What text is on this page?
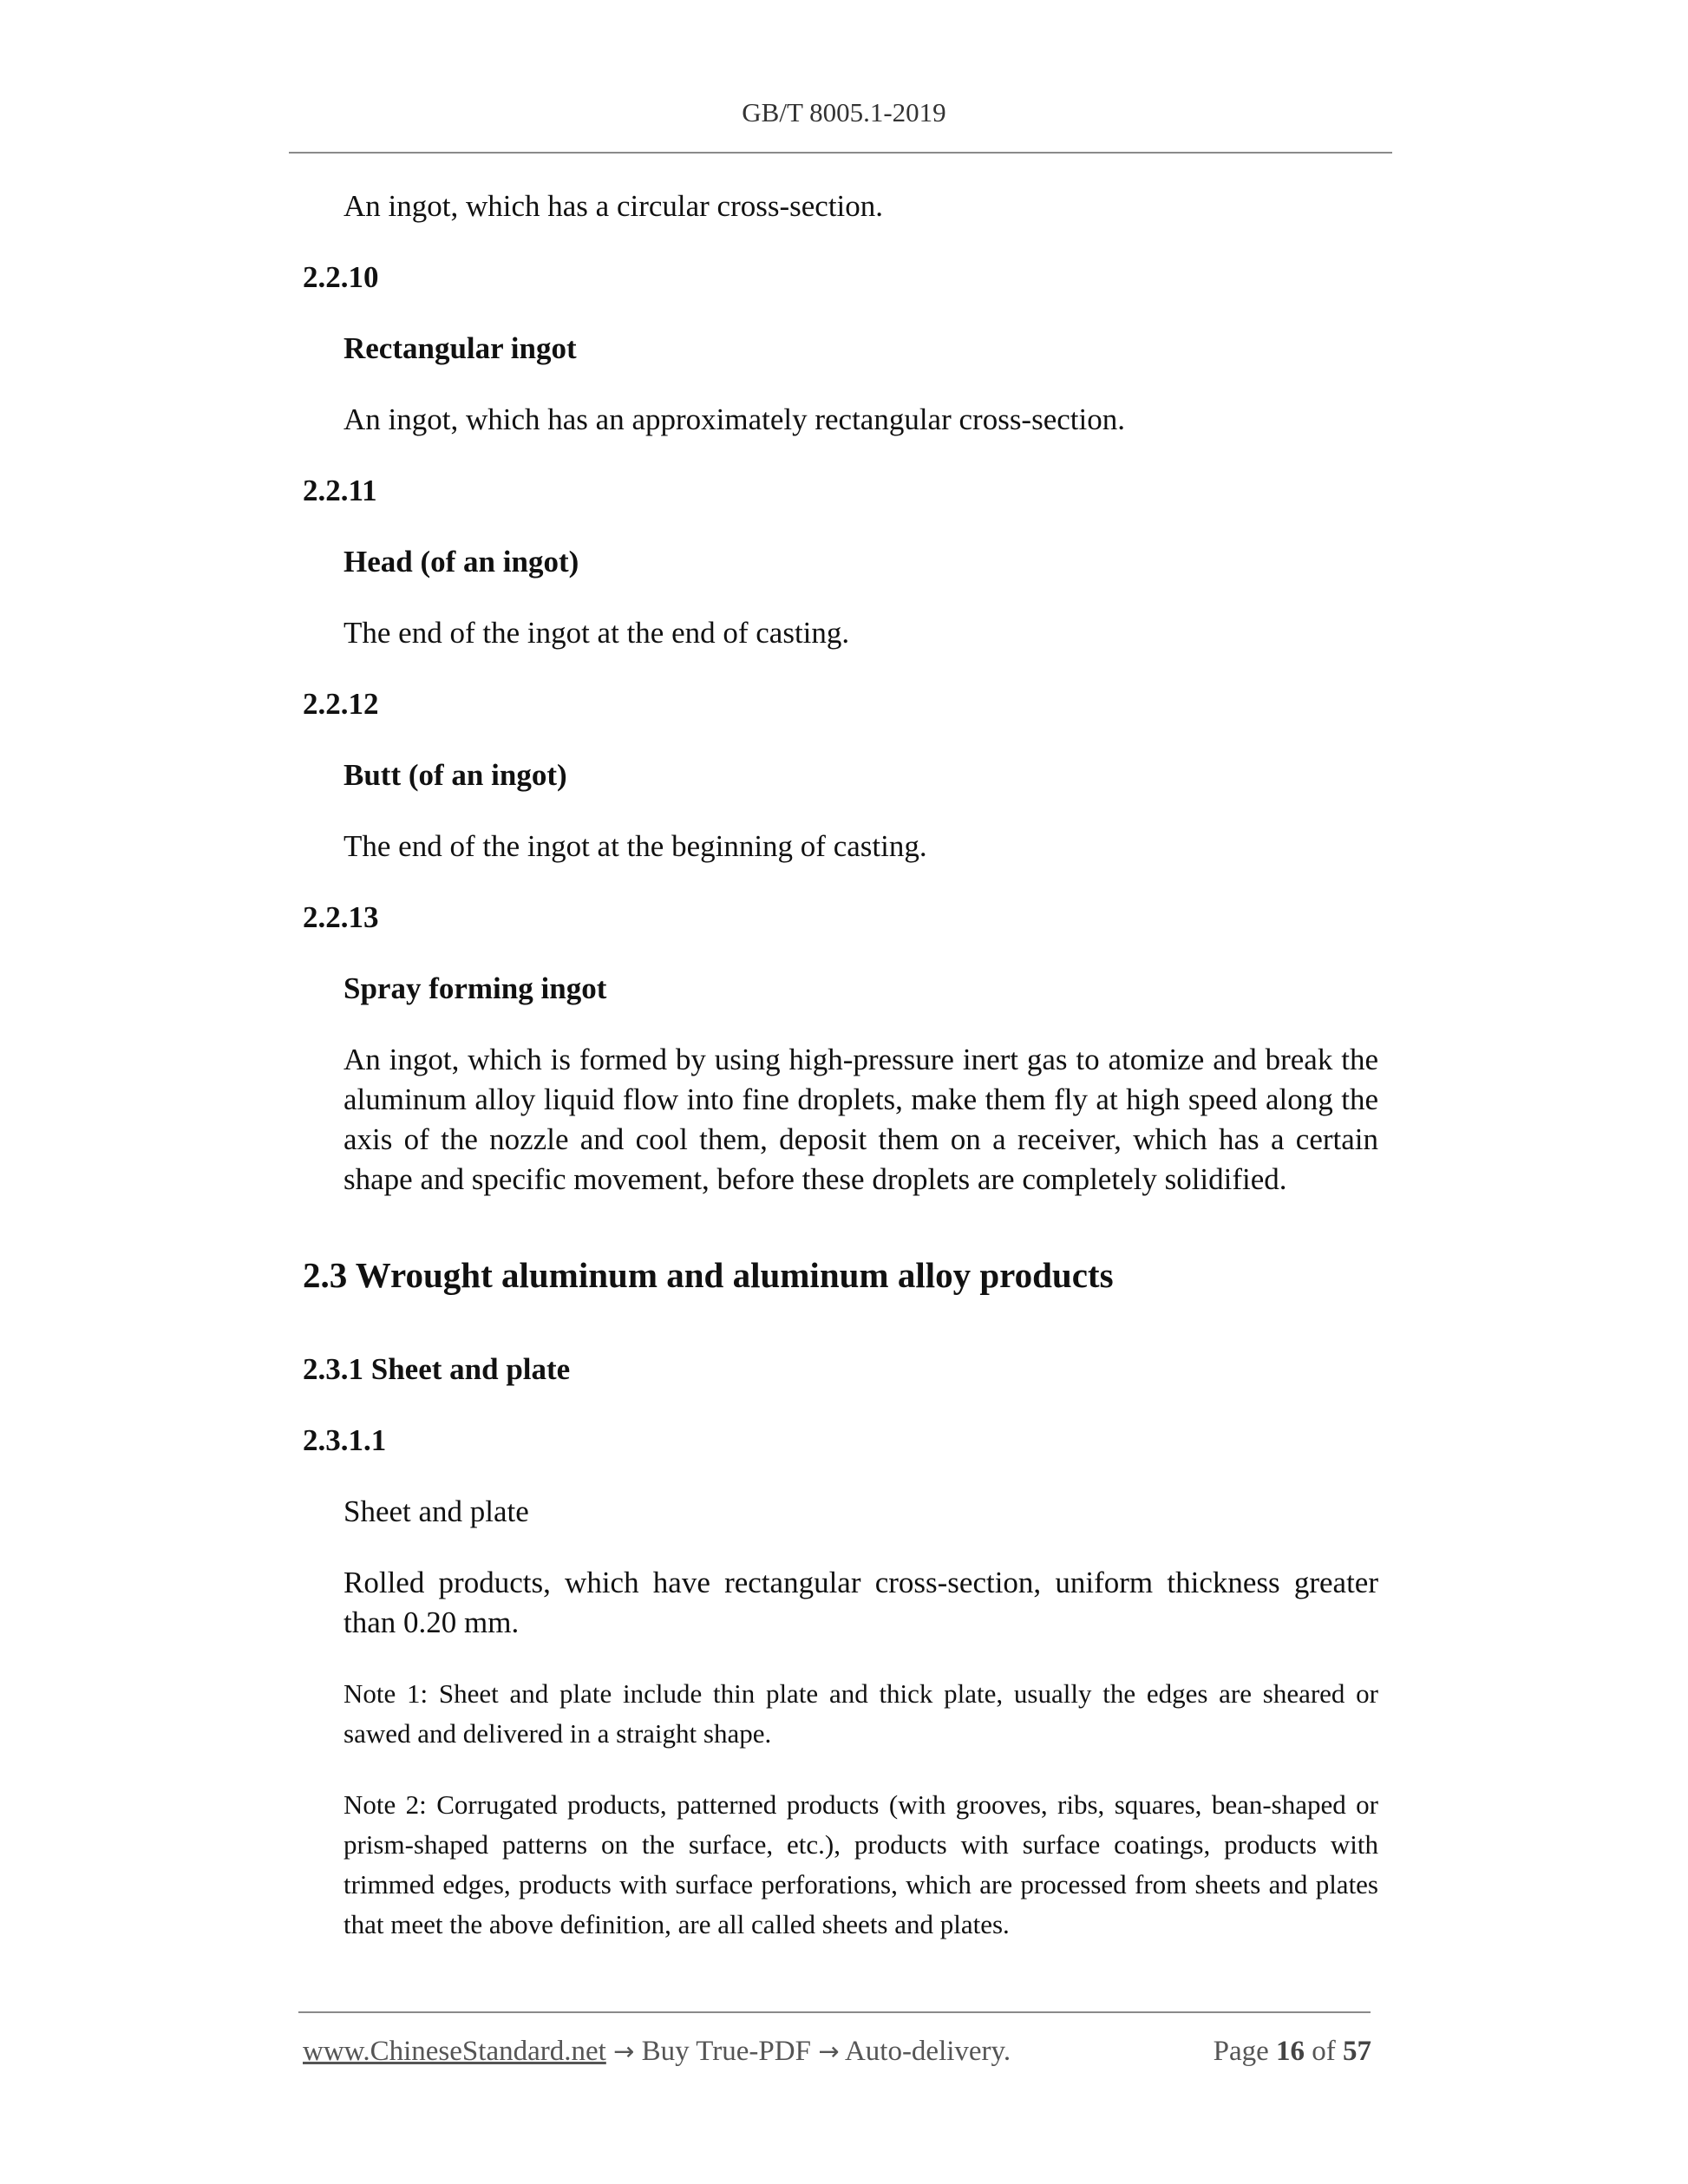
GB/T 8005.1-2019

An ingot, which has a circular cross-section.

2.2.10

Rectangular ingot

An ingot, which has an approximately rectangular cross-section.

2.2.11

Head (of an ingot)

The end of the ingot at the end of casting.

2.2.12

Butt (of an ingot)

The end of the ingot at the beginning of casting.

2.2.13

Spray forming ingot

An ingot, which is formed by using high-pressure inert gas to atomize and break the aluminum alloy liquid flow into fine droplets, make them fly at high speed along the axis of the nozzle and cool them, deposit them on a receiver, which has a certain shape and specific movement, before these droplets are completely solidified.

2.3 Wrought aluminum and aluminum alloy products

2.3.1 Sheet and plate

2.3.1.1

Sheet and plate

Rolled products, which have rectangular cross-section, uniform thickness greater than 0.20 mm.

Note 1: Sheet and plate include thin plate and thick plate, usually the edges are sheared or sawed and delivered in a straight shape.

Note 2: Corrugated products, patterned products (with grooves, ribs, squares, bean-shaped or prism-shaped patterns on the surface, etc.), products with surface coatings, products with trimmed edges, products with surface perforations, which are processed from sheets and plates that meet the above definition, are all called sheets and plates.

www.ChineseStandard.net → Buy True-PDF → Auto-delivery.	Page 16 of 57
